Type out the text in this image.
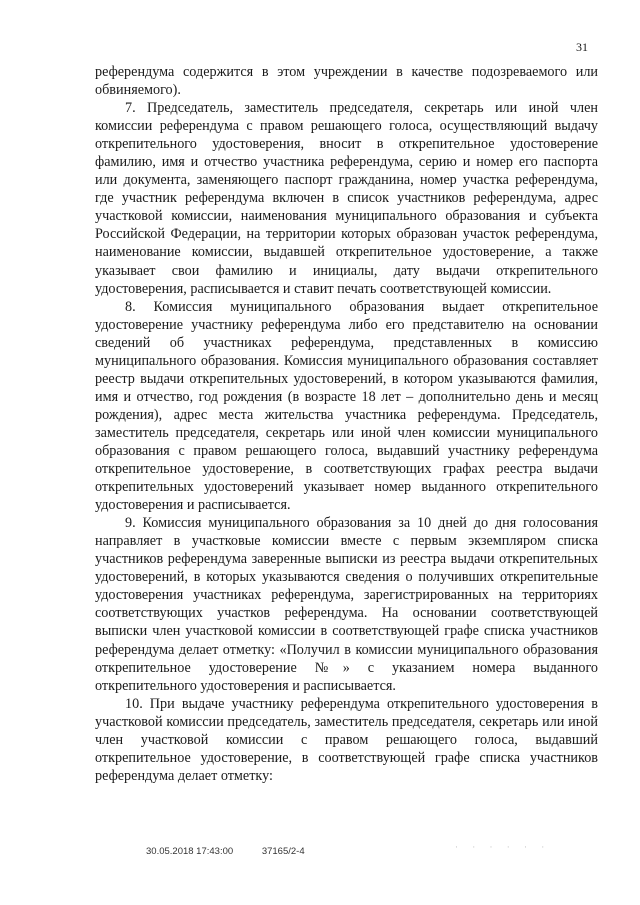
31

референдума содержится в этом учреждении в качестве подозреваемого или обвиняемого).

7. Председатель, заместитель председателя, секретарь или иной член комиссии референдума с правом решающего голоса, осуществляющий выдачу открепительного удостоверения, вносит в открепительное удостоверение фамилию, имя и отчество участника референдума, серию и номер его паспорта или документа, заменяющего паспорт гражданина, номер участка референдума, где участник референдума включен в список участников референдума, адрес участковой комиссии, наименования муниципального образования и субъекта Российской Федерации, на территории которых образован участок референдума, наименование комиссии, выдавшей открепительное удостоверение, а также указывает свои фамилию и инициалы, дату выдачи открепительного удостоверения, расписывается и ставит печать соответствующей комиссии.

8. Комиссия муниципального образования выдает открепительное удостоверение участнику референдума либо его представителю на основании сведений об участниках референдума, представленных в комиссию муниципального образования. Комиссия муниципального образования составляет реестр выдачи открепительных удостоверений, в котором указываются фамилия, имя и отчество, год рождения (в возрасте 18 лет – дополнительно день и месяц рождения), адрес места жительства участника референдума. Председатель, заместитель председателя, секретарь или иной член комиссии муниципального образования с правом решающего голоса, выдавший участнику референдума открепительное удостоверение, в соответствующих графах реестра выдачи открепительных удостоверений указывает номер выданного открепительного удостоверения и расписывается.

9. Комиссия муниципального образования за 10 дней до дня голосования направляет в участковые комиссии вместе с первым экземпляром списка участников референдума заверенные выписки из реестра выдачи открепительных удостоверений, в которых указываются сведения о получивших открепительные удостоверения участниках референдума, зарегистрированных на территориях соответствующих участков референдума. На основании соответствующей выписки член участковой комиссии в соответствующей графе списка участников референдума делает отметку: «Получил в комиссии муниципального образования открепительное удостоверение №» с указанием номера выданного открепительного удостоверения и расписывается.

10. При выдаче участнику референдума открепительного удостоверения в участковой комиссии председатель, заместитель председателя, секретарь или иной член участковой комиссии с правом решающего голоса, выдавший открепительное удостоверение, в соответствующей графе списка участников референдума делает отметку:

30.05.2018 17:43:00	37165/2-4	· · · · · ·
